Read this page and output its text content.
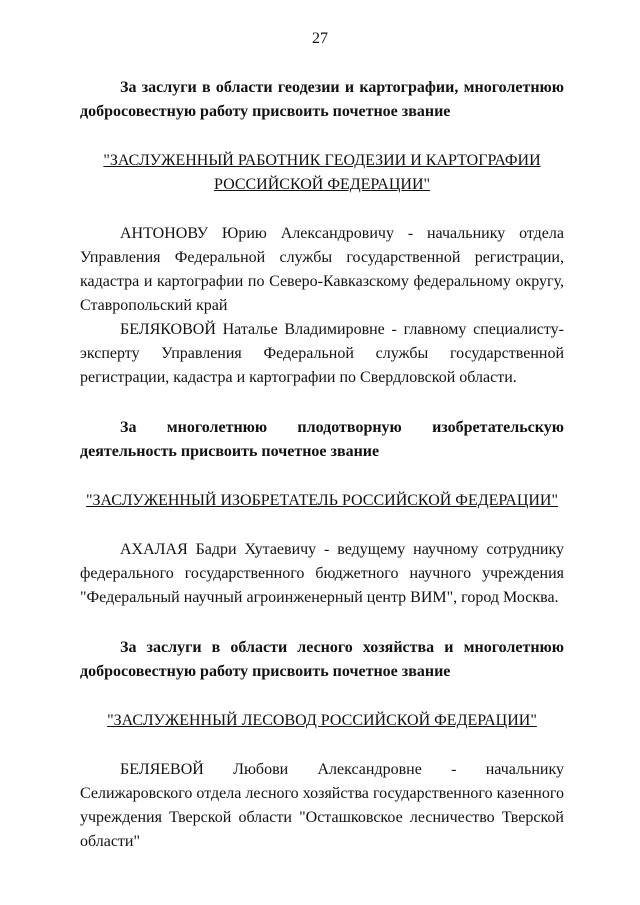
27

За заслуги в области геодезии и картографии, многолетнюю добросовестную работу присвоить почетное звание

"ЗАСЛУЖЕННЫЙ РАБОТНИК ГЕОДЕЗИИ И КАРТОГРАФИИ
РОССИЙСКОЙ ФЕДЕРАЦИИ"

АНТОНОВУ Юрию Александровичу - начальнику отдела Управления Федеральной службы государственной регистрации, кадастра и картографии по Северо-Кавказскому федеральному округу, Ставропольский край

БЕЛЯКОВОЙ Наталье Владимировне - главному специалисту-эксперту Управления Федеральной службы государственной регистрации, кадастра и картографии по Свердловской области.

За многолетнюю плодотворную изобретательскую деятельность присвоить почетное звание

"ЗАСЛУЖЕННЫЙ ИЗОБРЕТАТЕЛЬ РОССИЙСКОЙ ФЕДЕРАЦИИ"

АХАЛАЯ Бадри Хутаевичу - ведущему научному сотруднику федерального государственного бюджетного научного учреждения "Федеральный научный агроинженерный центр ВИМ", город Москва.

За заслуги в области лесного хозяйства и многолетнюю добросовестную работу присвоить почетное звание

"ЗАСЛУЖЕННЫЙ ЛЕСОВОД РОССИЙСКОЙ ФЕДЕРАЦИИ"

БЕЛЯЕВОЙ Любови Александровне - начальнику Селижаровского отдела лесного хозяйства государственного казенного учреждения Тверской области "Осташковское лесничество Тверской области"
